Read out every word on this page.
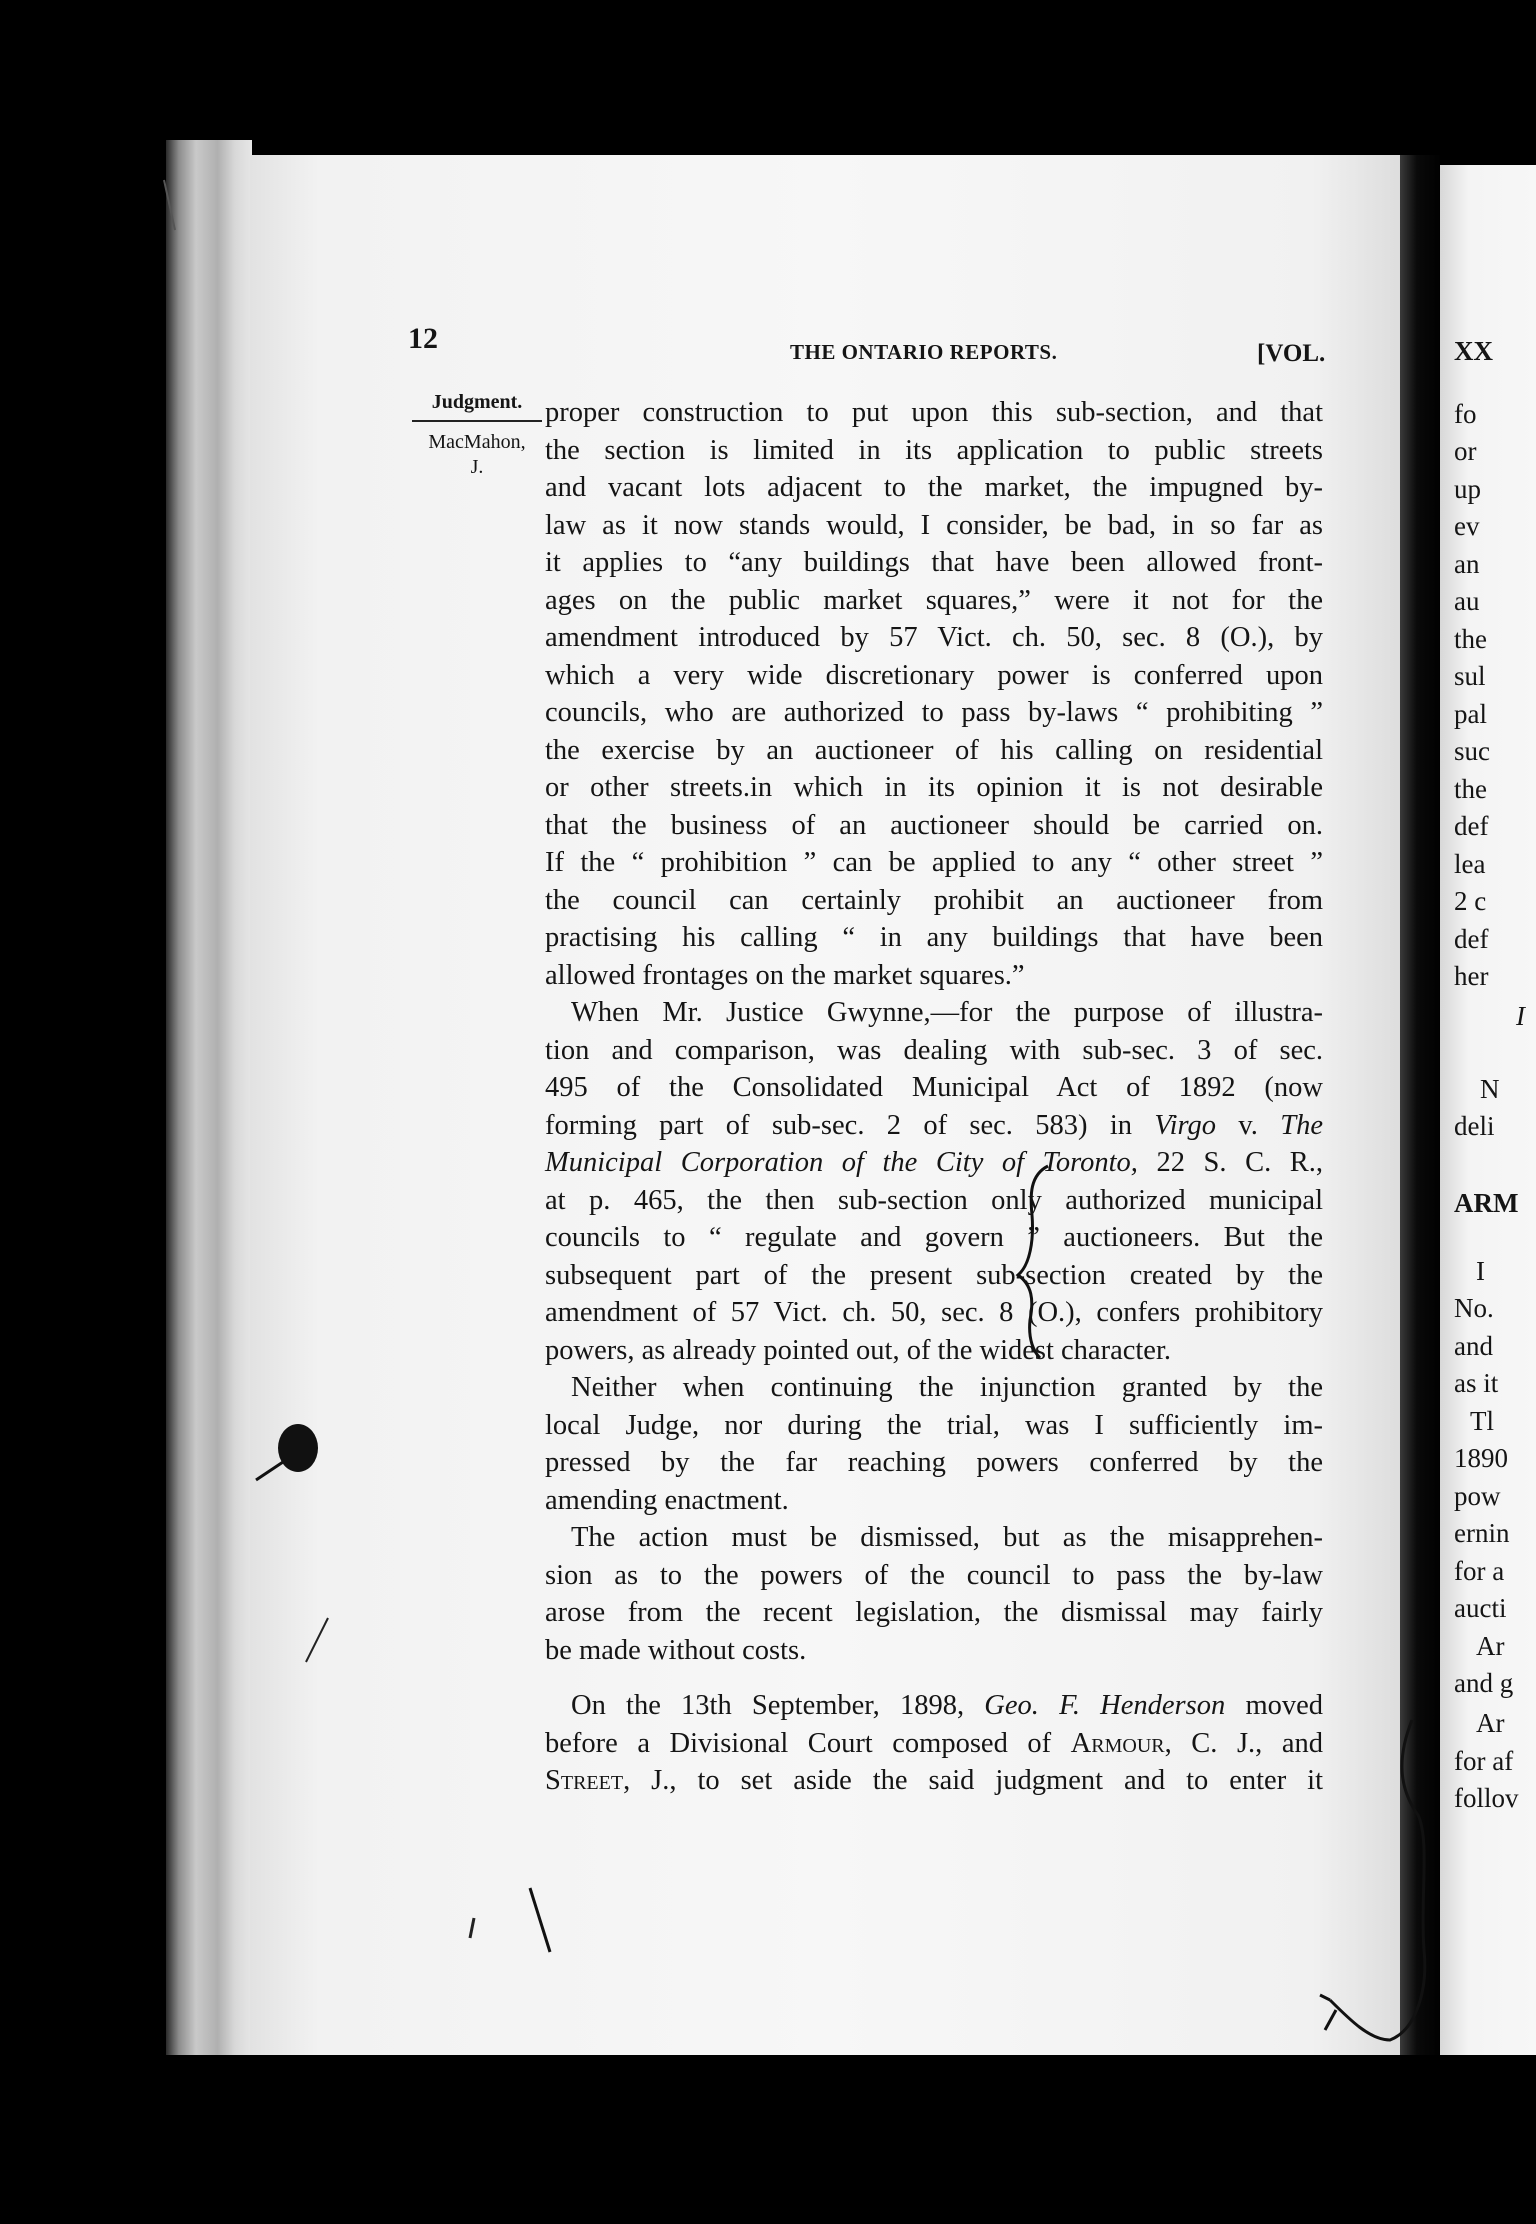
XX
fo
or
up
ev
an
au
the
sul
pal
suc
the
def
lea
2 c
def
her
I
N
deli
ARM
I
No.
and
as it
Tl
1890
pow
ernin
for a
aucti
Ar
and g
Ar
for af
follov
12	THE ONTARIO REPORTS.	[VOL.
Judgment.
MacMahon,
J.
proper construction to put upon this sub-section, and that
the section is limited in its application to public streets
and vacant lots adjacent to the market, the impugned by-
law as it now stands would, I consider, be bad, in so far as
it applies to “any buildings that have been allowed front-
ages on the public market squares,” were it not for the
amendment introduced by 57 Vict. ch. 50, sec. 8 (O.), by
which a very wide discretionary power is conferred upon
councils, who are authorized to pass by-laws “ prohibiting ”
the exercise by an auctioneer of his calling on residential
or other streets.in which in its opinion it is not desirable
that the business of an auctioneer should be carried on.
If the “ prohibition ” can be applied to any “ other street ”
the council can certainly prohibit an auctioneer from
practising his calling “ in any buildings that have been
allowed frontages on the market squares.”
When Mr. Justice Gwynne,—for the purpose of illustra-
tion and comparison, was dealing with sub-sec. 3 of sec.
495 of the Consolidated Municipal Act of 1892 (now
forming part of sub-sec. 2 of sec. 583) in Virgo v. The
Municipal Corporation of the City of Toronto, 22 S. C. R.,
at p. 465, the then sub-section only authorized municipal
councils to “ regulate and govern ” auctioneers. But the
subsequent part of the present sub-section created by the
amendment of 57 Vict. ch. 50, sec. 8 (O.), confers prohibitory
powers, as already pointed out, of the widest character.
Neither when continuing the injunction granted by the
local Judge, nor during the trial, was I sufficiently im-
pressed by the far reaching powers conferred by the
amending enactment.
The action must be dismissed, but as the misapprehen-
sion as to the powers of the council to pass the by-law
arose from the recent legislation, the dismissal may fairly
be made without costs.
On the 13th September, 1898, Geo. F. Henderson moved
before a Divisional Court composed of Armour, C. J., and
Street, J., to set aside the said judgment and to enter it
